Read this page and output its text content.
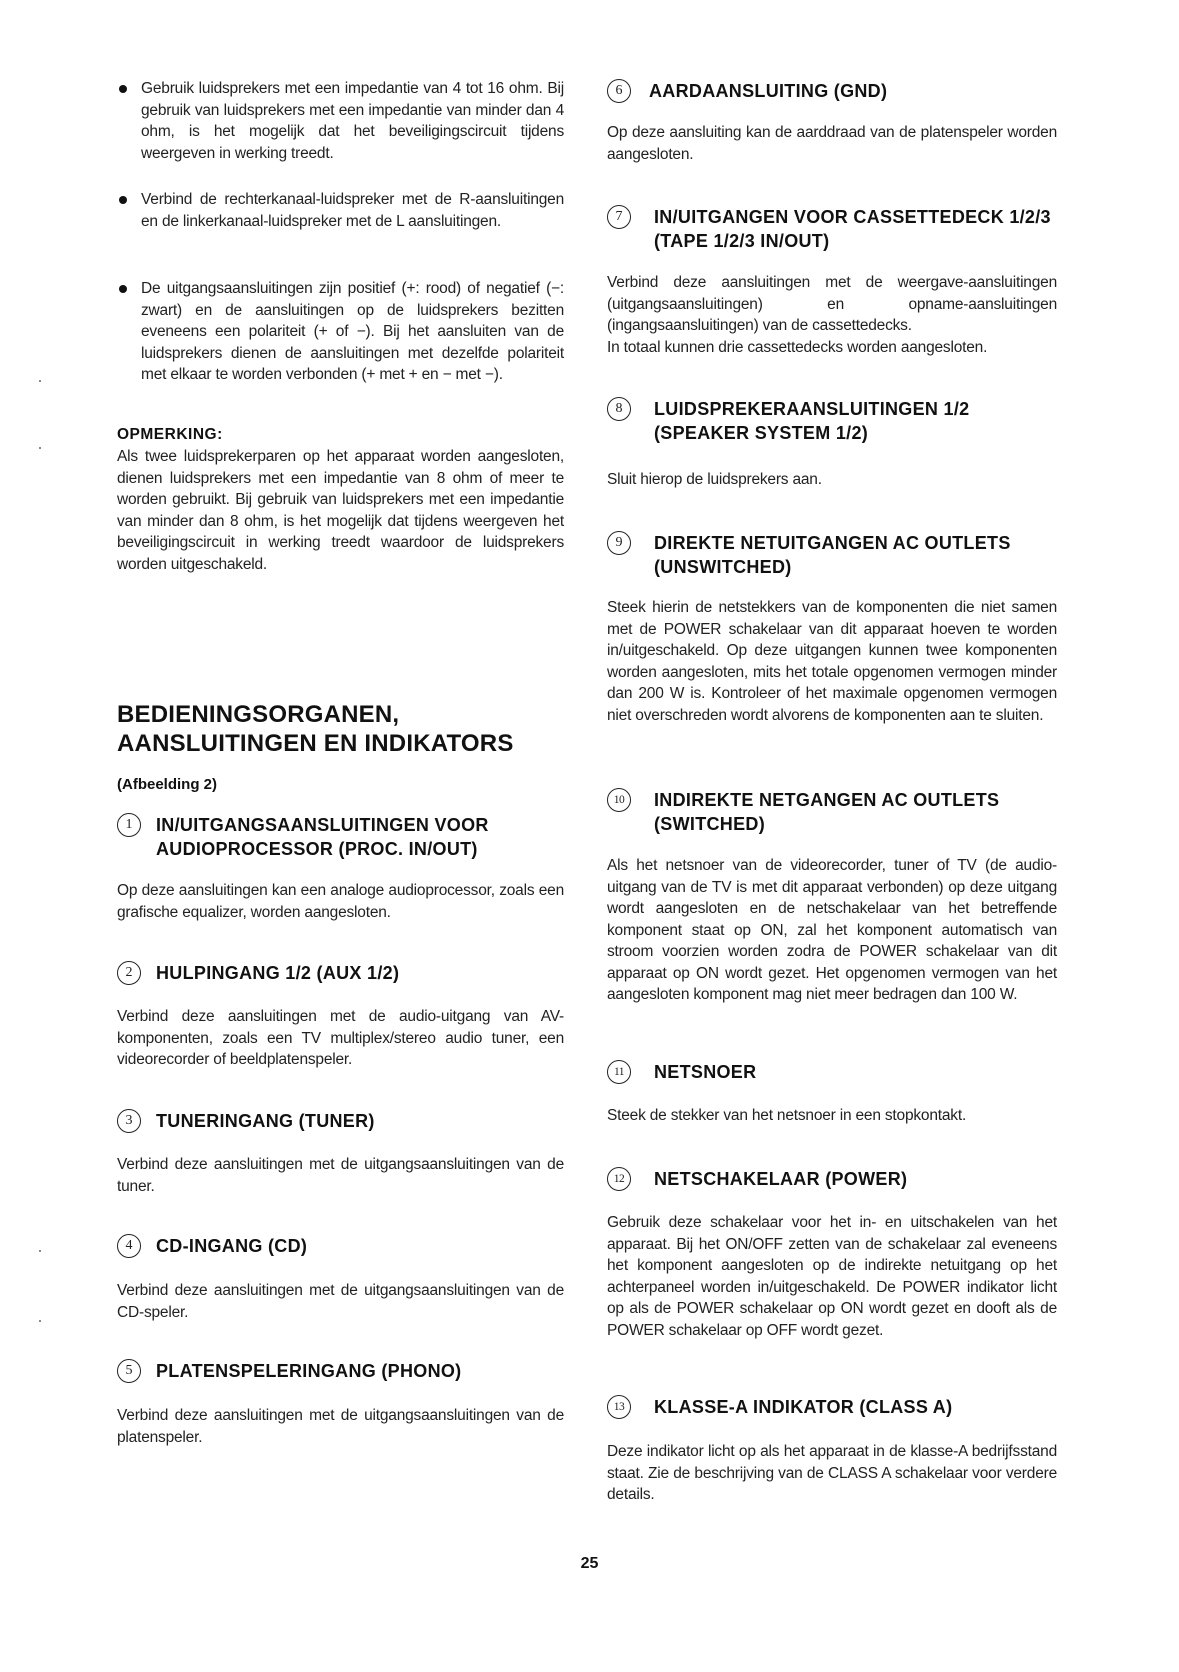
Gebruik luidsprekers met een impedantie van 4 tot 16 ohm. Bij gebruik van luidsprekers met een impedantie van minder dan 4 ohm, is het mogelijk dat het beveiligingscircuit tijdens weergeven in werking treedt.

Verbind de rechterkanaal-luidspreker met de R-aansluitingen en de linkerkanaal-luidspreker met de L aansluitingen.

De uitgangsaansluitingen zijn positief (+: rood) of negatief (−: zwart) en de aansluitingen op de luidsprekers bezitten eveneens een polariteit (+ of −). Bij het aansluiten van de luidsprekers dienen de aansluitingen met dezelfde polariteit met elkaar te worden verbonden (+ met + en − met −).

OPMERKING:

Als twee luidsprekerparen op het apparaat worden aangesloten, dienen luidsprekers met een impedantie van 8 ohm of meer te worden gebruikt. Bij gebruik van luidsprekers met een impedantie van minder dan 8 ohm, is het mogelijk dat tijdens weergeven het beveiligingscircuit in werking treedt waardoor de luidsprekers worden uitgeschakeld.

BEDIENINGSORGANEN,

AANSLUITINGEN EN INDIKATORS

(Afbeelding 2)

1	IN/UITGANGSAANSLUITINGEN VOOR AUDIOPROCESSOR (PROC. IN/OUT)

Op deze aansluitingen kan een analoge audioprocessor, zoals een grafische equalizer, worden aangesloten.

2	HULPINGANG 1/2 (AUX 1/2)

Verbind deze aansluitingen met de audio-uitgang van AV-komponenten, zoals een TV multiplex/stereo audio tuner, een videorecorder of beeldplatenspeler.

3	TUNERINGANG (TUNER)

Verbind deze aansluitingen met de uitgangsaansluitingen van de tuner.

4	CD-INGANG (CD)

Verbind deze aansluitingen met de uitgangsaansluitingen van de CD-speler.

5	PLATENSPELERINGANG (PHONO)

Verbind deze aansluitingen met de uitgangsaansluitingen van de platenspeler.

6	AARDAANSLUITING (GND)

Op deze aansluiting kan de aarddraad van de platenspeler worden aangesloten.

7	IN/UITGANGEN VOOR CASSETTEDECK 1/2/3 (TAPE 1/2/3 IN/OUT)

Verbind deze aansluitingen met de weergave-aansluitingen (uitgangsaansluitingen) en opname-aansluitingen (ingangsaansluitingen) van de cassettedecks.

In totaal kunnen drie cassettedecks worden aangesloten.

8	LUIDSPREKERAANSLUITINGEN 1/2 (SPEAKER SYSTEM 1/2)

Sluit hierop de luidsprekers aan.

9	DIREKTE NETUITGANGEN AC OUTLETS (UNSWITCHED)

Steek hierin de netstekkers van de komponenten die niet samen met de POWER schakelaar van dit apparaat hoeven te worden in/uitgeschakeld. Op deze uitgangen kunnen twee komponenten worden aangesloten, mits het totale opgenomen vermogen minder dan 200 W is. Kontroleer of het maximale opgenomen vermogen niet overschreden wordt alvorens de komponenten aan te sluiten.

10	INDIREKTE NETGANGEN AC OUTLETS (SWITCHED)

Als het netsnoer van de videorecorder, tuner of TV (de audio-uitgang van de TV is met dit apparaat verbonden) op deze uitgang wordt aangesloten en de netschakelaar van het betreffende komponent staat op ON, zal het komponent automatisch van stroom voorzien worden zodra de POWER schakelaar van dit apparaat op ON wordt gezet. Het opgenomen vermogen van het aangesloten komponent mag niet meer bedragen dan 100 W.

11	NETSNOER

Steek de stekker van het netsnoer in een stopkontakt.

12	NETSCHAKELAAR (POWER)

Gebruik deze schakelaar voor het in- en uitschakelen van het apparaat. Bij het ON/OFF zetten van de schakelaar zal eveneens het komponent aangesloten op de indirekte netuitgang op het achterpaneel worden in/uitgeschakeld. De POWER indikator licht op als de POWER schakelaar op ON wordt gezet en dooft als de POWER schakelaar op OFF wordt gezet.

13	KLASSE-A INDIKATOR (CLASS A)

Deze indikator licht op als het apparaat in de klasse-A bedrijfsstand staat. Zie de beschrijving van de CLASS A schakelaar voor verdere details.

25
